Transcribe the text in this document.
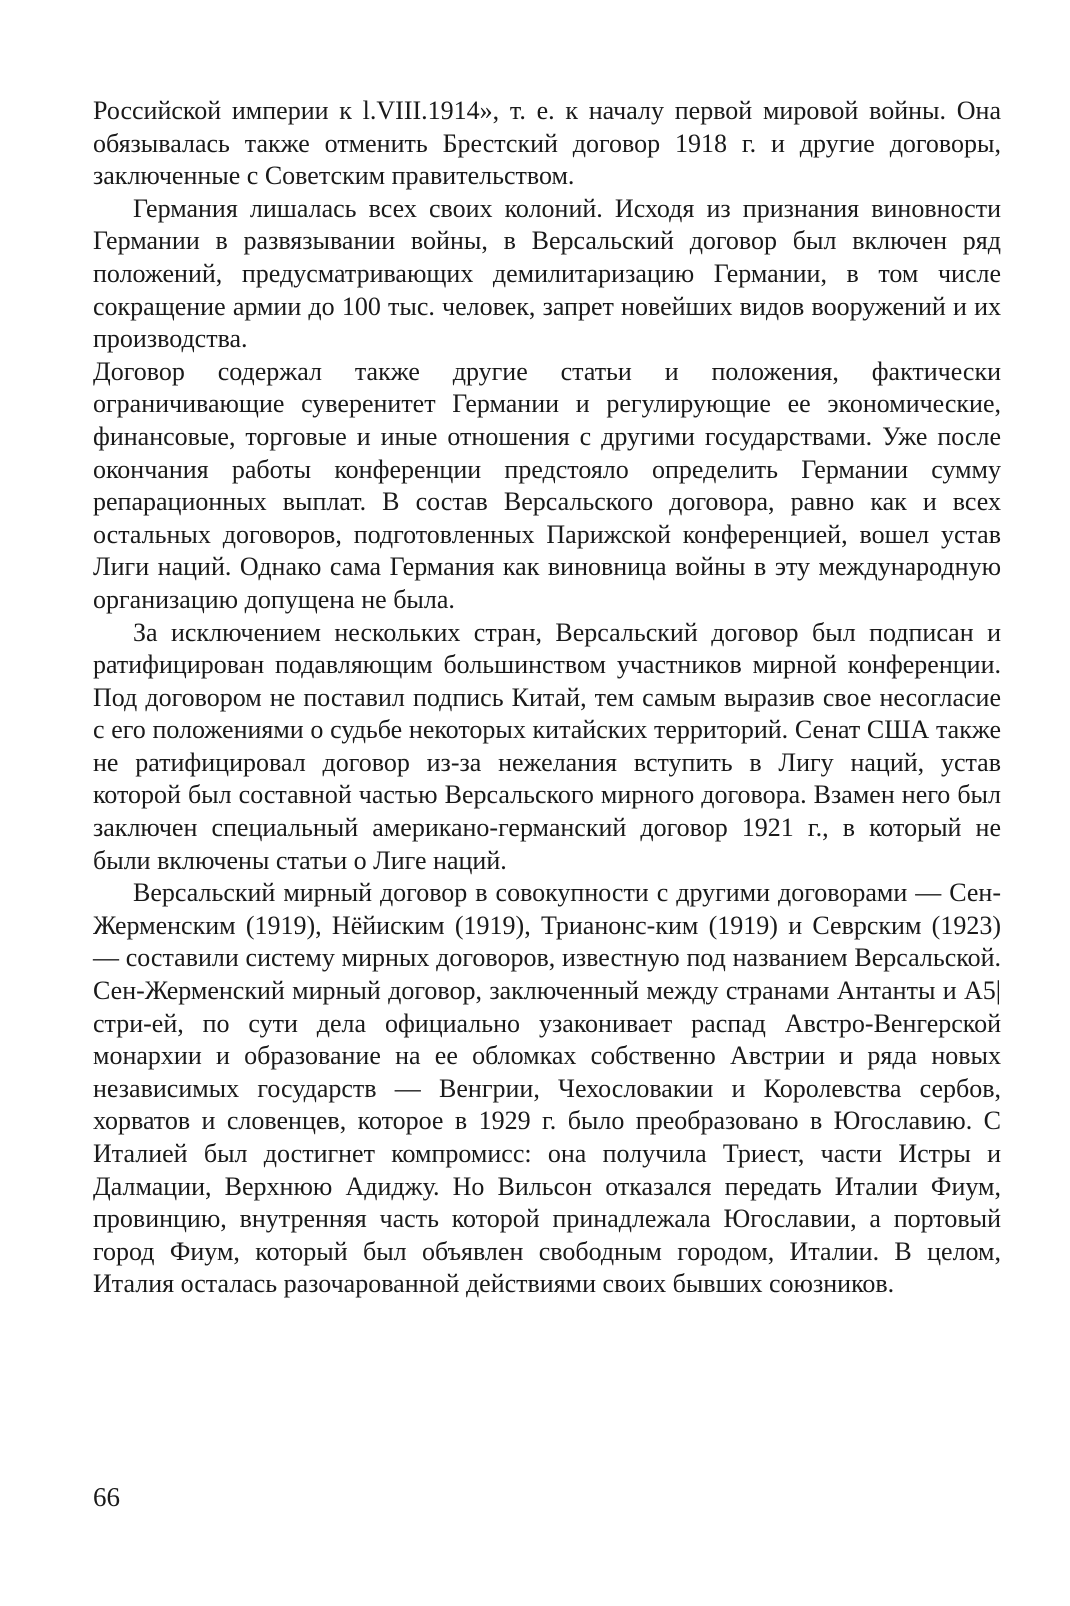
Российской империи к l.VIII.1914», т. е. к началу первой мировой войны. Она обязывалась также отменить Брестский договор 1918 г. и другие договоры, заключенные с Советским правительством.

Германия лишалась всех своих колоний. Исходя из признания виновности Германии в развязывании войны, в Версальский договор был включен ряд положений, предусматривающих демилитаризацию Германии, в том числе сокращение армии до 100 тыс. человек, запрет новейших видов вооружений и их производства.

Договор содержал также другие статьи и положения, фактически ограничивающие суверенитет Германии и регулирующие ее экономические, финансовые, торговые и иные отношения с другими государствами. Уже после окончания работы конференции предстояло определить Германии сумму репарационных выплат. В состав Версальского договора, равно как и всех остальных договоров, подготовленных Парижской конференцией, вошел устав Лиги наций. Однако сама Германия как виновница войны в эту международную организацию допущена не была.

За исключением нескольких стран, Версальский договор был подписан и ратифицирован подавляющим большинством участников мирной конференции. Под договором не поставил подпись Китай, тем самым выразив свое несогласие с его положениями о судьбе некоторых китайских территорий. Сенат США также не ратифицировал договор из-за нежелания вступить в Лигу наций, устав которой был составной частью Версальского мирного договора. Взамен него был заключен специальный американо-германский договор 1921 г., в который не были включены статьи о Лиге наций.

Версальский мирный договор в совокупности с другими договорами — Сен-Жерменским (1919), Нёйиским (1919), Трианонс-ким (1919) и Севрским (1923) — составили систему мирных договоров, известную под названием Версальской. Сен-Жерменский мирный договор, заключенный между странами Антанты и А5|стри-ей, по сути дела официально узаконивает распад Австро-Венгерской монархии и образование на ее обломках собственно Австрии и ряда новых независимых государств — Венгрии, Чехословакии и Королевства сербов, хорватов и словенцев, которое в 1929 г. было преобразовано в Югославию. С Италией был достигнет компромисс: она получила Триест, части Истры и Далмации, Верхнюю Адиджу. Но Вильсон отказался передать Италии Фиум, провинцию, внутренняя часть которой принадлежала Югославии, а портовый город Фиум, который был объявлен свободным городом, Италии. В целом, Италия осталась разочарованной действиями своих бывших союзников.

66
